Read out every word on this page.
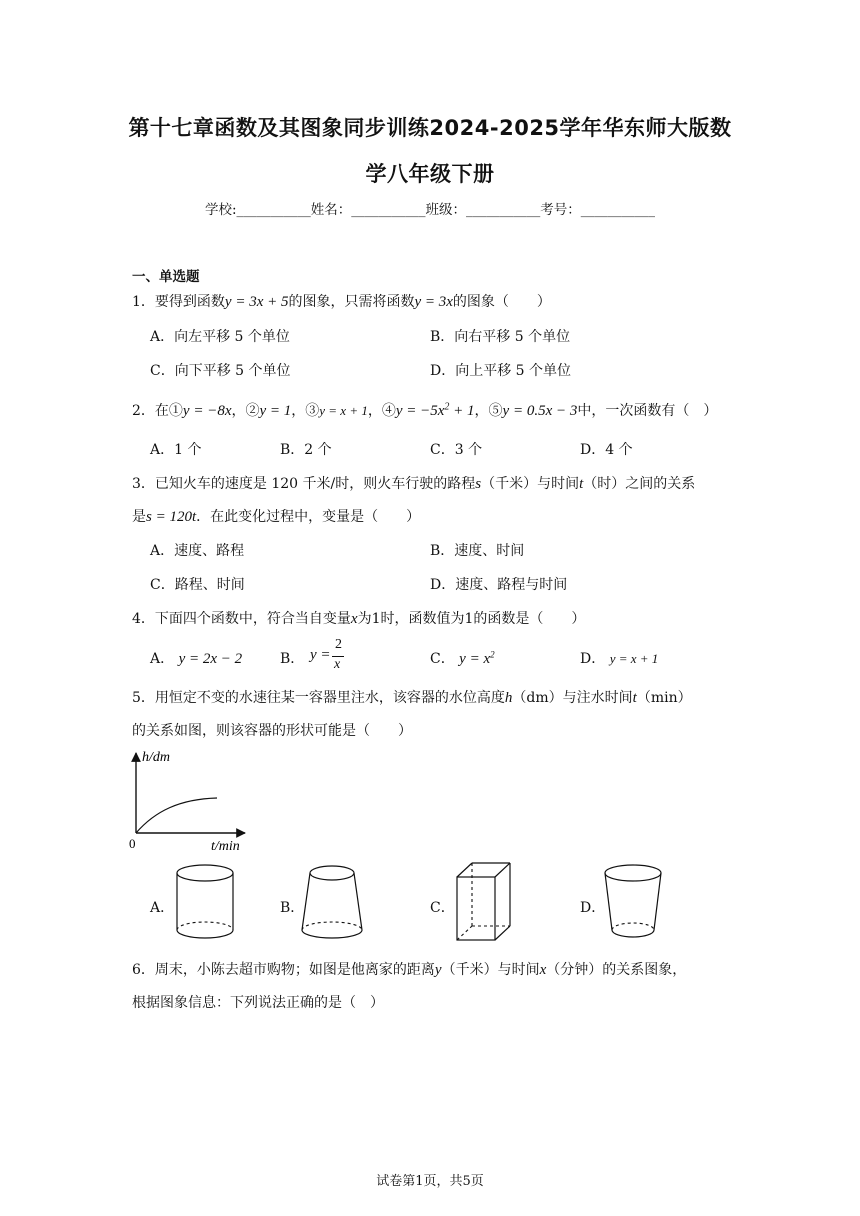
第十七章函数及其图象同步训练2024-2025学年华东师大版数
学八年级下册
学校:___________姓名：___________班级：___________考号：___________
一、单选题
1．要得到函数y = 3x + 5的图象，只需将函数y = 3x的图象（　　）
A．向左平移 5 个单位	B．向右平移 5 个单位
C．向下平移 5 个单位	D．向上平移 5 个单位
2．在①y = −8x，②y = 1，③y = x + 1，④y = $-5x^2 + 1$，⑤y = 0.5x − 3中，一次函数有（　）
A．1 个	B．2 个	C．3 个	D．4 个
3．已知火车的速度是 120 千米/时，则火车行驶的路程s（千米）与时间t（时）之间的关系
是s = 120t．在此变化过程中，变量是（　　）
A．速度、路程	B．速度、时间
C．路程、时间	D．速度、路程与时间
4．下面四个函数中，符合当自变量x为1时，函数值为1的函数是（　　）
A． y = 2x − 2	B． y =
2
x	C． $y = x^2$	D． y = x + 1
5．用恒定不变的水速往某一容器里注水，该容器的水位高度h（dm）与注水时间t（min）
的关系如图，则该容器的形状可能是（　　）
h/dm
0	t/min
A．	B．	C．	D．
6．周末，小陈去超市购物；如图是他离家的距离y（千米）与时间x（分钟）的关系图象，
根据图象信息：下列说法正确的是（　）
试卷第1页，共5页
